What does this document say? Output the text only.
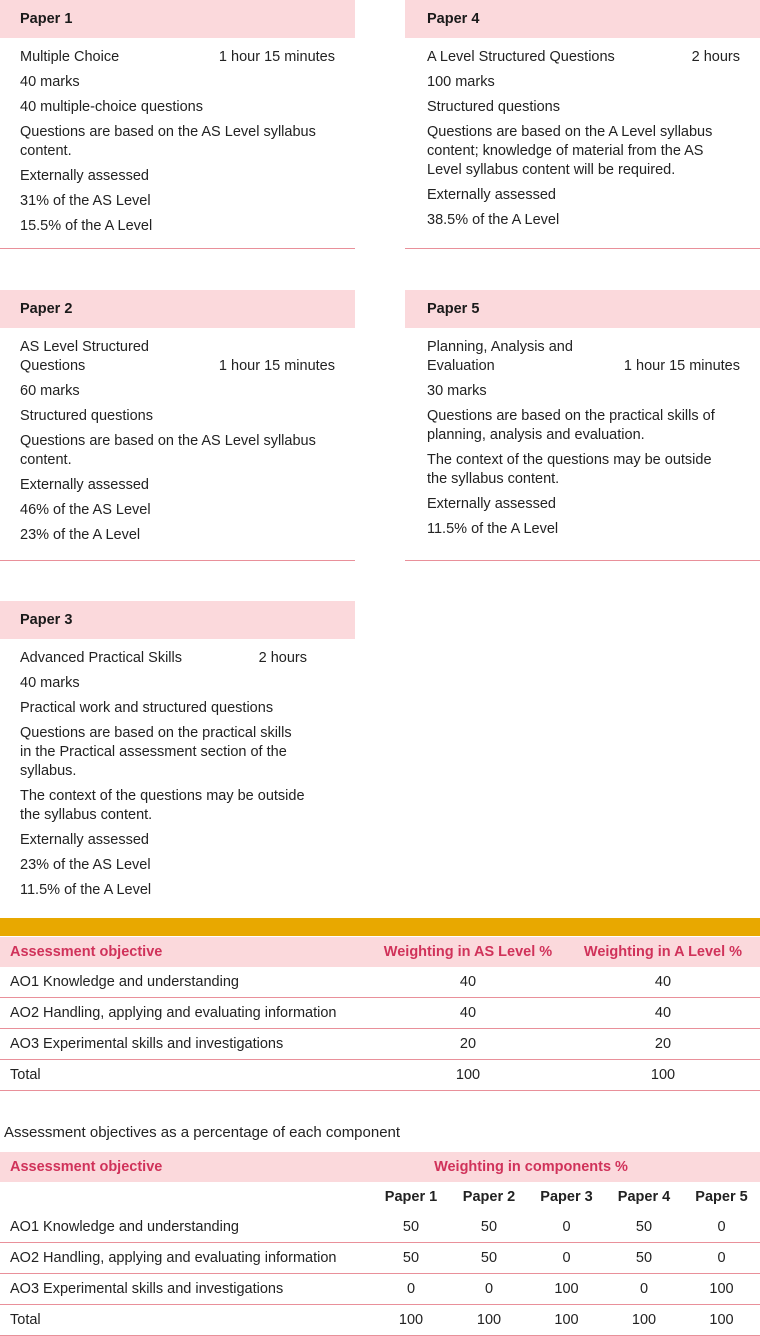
Paper 1
Multiple Choice	1 hour 15 minutes
40 marks
40 multiple-choice questions
Questions are based on the AS Level syllabus
content.
Externally assessed
31% of the AS Level
15.5% of the A Level
Paper 4
A Level Structured Questions	2 hours
100 marks
Structured questions
Questions are based on the A Level syllabus
content; knowledge of material from the AS
Level syllabus content will be required.
Externally assessed
38.5% of the A Level
Paper 2
AS Level Structured
Questions	1 hour 15 minutes
60 marks
Structured questions
Questions are based on the AS Level syllabus
content.
Externally assessed
46% of the AS Level
23% of the A Level
Paper 5
Planning, Analysis and
Evaluation	1 hour 15 minutes
30 marks
Questions are based on the practical skills of
planning, analysis and evaluation.
The context of the questions may be outside
the syllabus content.
Externally assessed
11.5% of the A Level
Paper 3
Advanced Practical Skills	2 hours
40 marks
Practical work and structured questions
Questions are based on the practical skills
in the Practical assessment section of the
syllabus.
The context of the questions may be outside
the syllabus content.
Externally assessed
23% of the AS Level
11.5% of the A Level
Assessment objective	Weighting in AS Level %	Weighting in A Level %
AO1 Knowledge and understanding	40	40
AO2 Handling, applying and evaluating information	40	40
AO3 Experimental skills and investigations	20	20
Total	100	100
Assessment objectives as a percentage of each component
Assessment objective	Weighting in components %				
	Paper 1	Paper 2	Paper 3	Paper 4	Paper 5
AO1 Knowledge and understanding	50	50	0	50	0
AO2 Handling, applying and evaluating information	50	50	0	50	0
AO3 Experimental skills and investigations	0	0	100	0	100
Total	100	100	100	100	100
